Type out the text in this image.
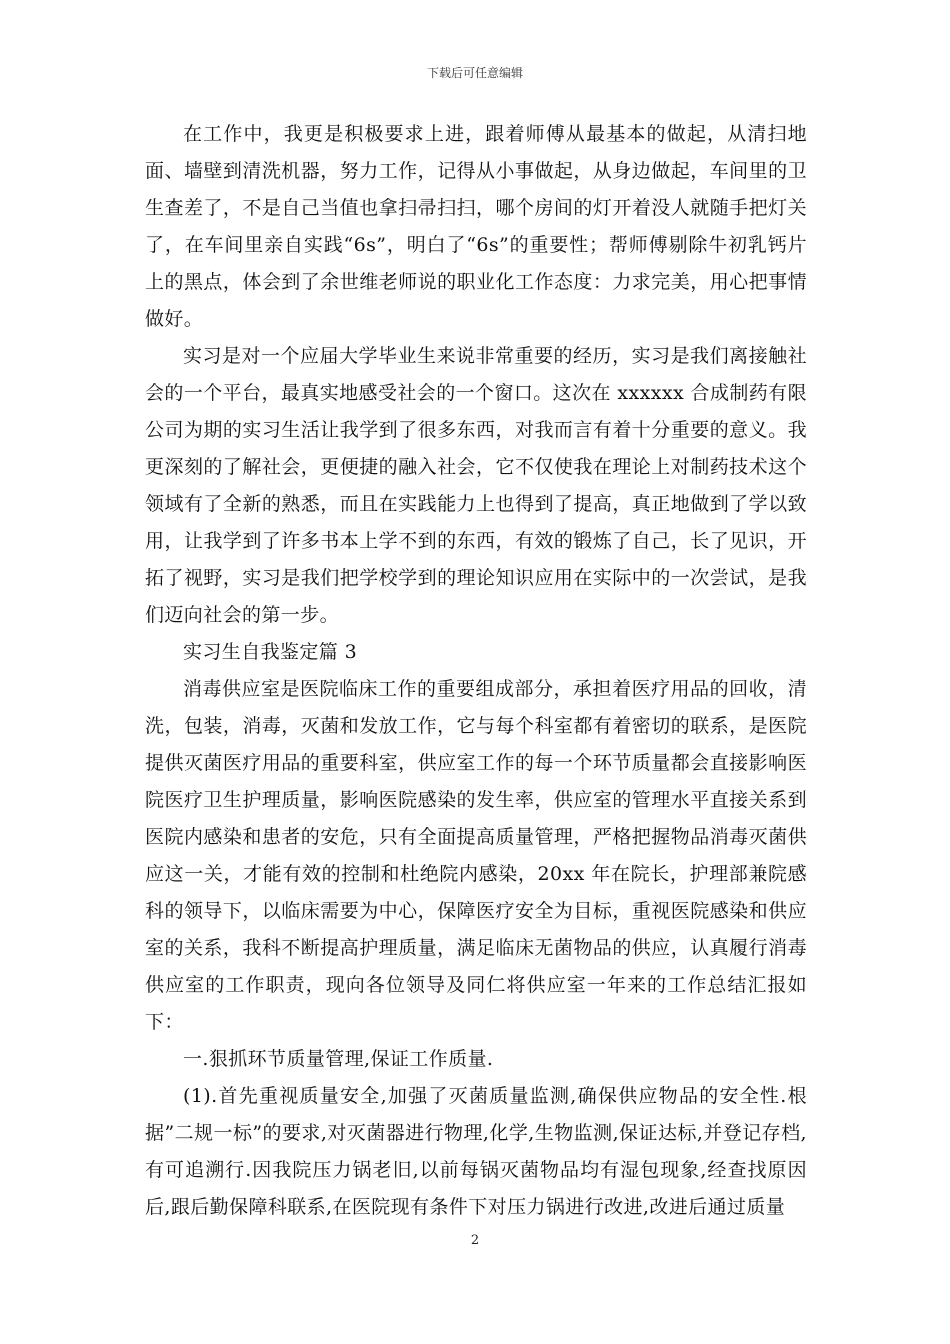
下载后可任意编辑

在工作中，我更是积极要求上进，跟着师傅从最基本的做起，从清扫地面、墙壁到清洗机器，努力工作，记得从小事做起，从身边做起，车间里的卫生查差了，不是自己当值也拿扫帚扫扫，哪个房间的灯开着没人就随手把灯关了，在车间里亲自实践“6s”，明白了“6s”的重要性；帮师傅剔除牛初乳钙片上的黑点，体会到了余世维老师说的职业化工作态度：力求完美，用心把事情做好。

实习是对一个应届大学毕业生来说非常重要的经历，实习是我们离接触社会的一个平台，最真实地感受社会的一个窗口。这次在 xxxxxx 合成制药有限公司为期的实习生活让我学到了很多东西，对我而言有着十分重要的意义。我更深刻的了解社会，更便捷的融入社会，它不仅使我在理论上对制药技术这个领域有了全新的熟悉，而且在实践能力上也得到了提高，真正地做到了学以致用，让我学到了许多书本上学不到的东西，有效的锻炼了自己，长了见识，开拓了视野，实习是我们把学校学到的理论知识应用在实际中的一次尝试，是我们迈向社会的第一步。

实习生自我鉴定篇 3

消毒供应室是医院临床工作的重要组成部分，承担着医疗用品的回收，清洗，包装，消毒，灭菌和发放工作，它与每个科室都有着密切的联系，是医院提供灭菌医疗用品的重要科室，供应室工作的每一个环节质量都会直接影响医院医疗卫生护理质量，影响医院感染的发生率，供应室的管理水平直接关系到医院内感染和患者的安危，只有全面提高质量管理，严格把握物品消毒灭菌供应这一关，才能有效的控制和杜绝院内感染，20xx 年在院长，护理部兼院感科的领导下，以临床需要为中心，保障医疗安全为目标，重视医院感染和供应室的关系，我科不断提高护理质量，满足临床无菌物品的供应，认真履行消毒供应室的工作职责，现向各位领导及同仁将供应室一年来的工作总结汇报如下：

一.狠抓环节质量管理,保证工作质量.

(1).首先重视质量安全,加强了灭菌质量监测,确保供应物品的安全性.根据”二规一标”的要求,对灭菌器进行物理,化学,生物监测,保证达标,并登记存档,有可追溯行.因我院压力锅老旧,以前每锅灭菌物品均有湿包现象,经查找原因后,跟后勤保障科联系,在医院现有条件下对压力锅进行改进,改进后通过质量

2
